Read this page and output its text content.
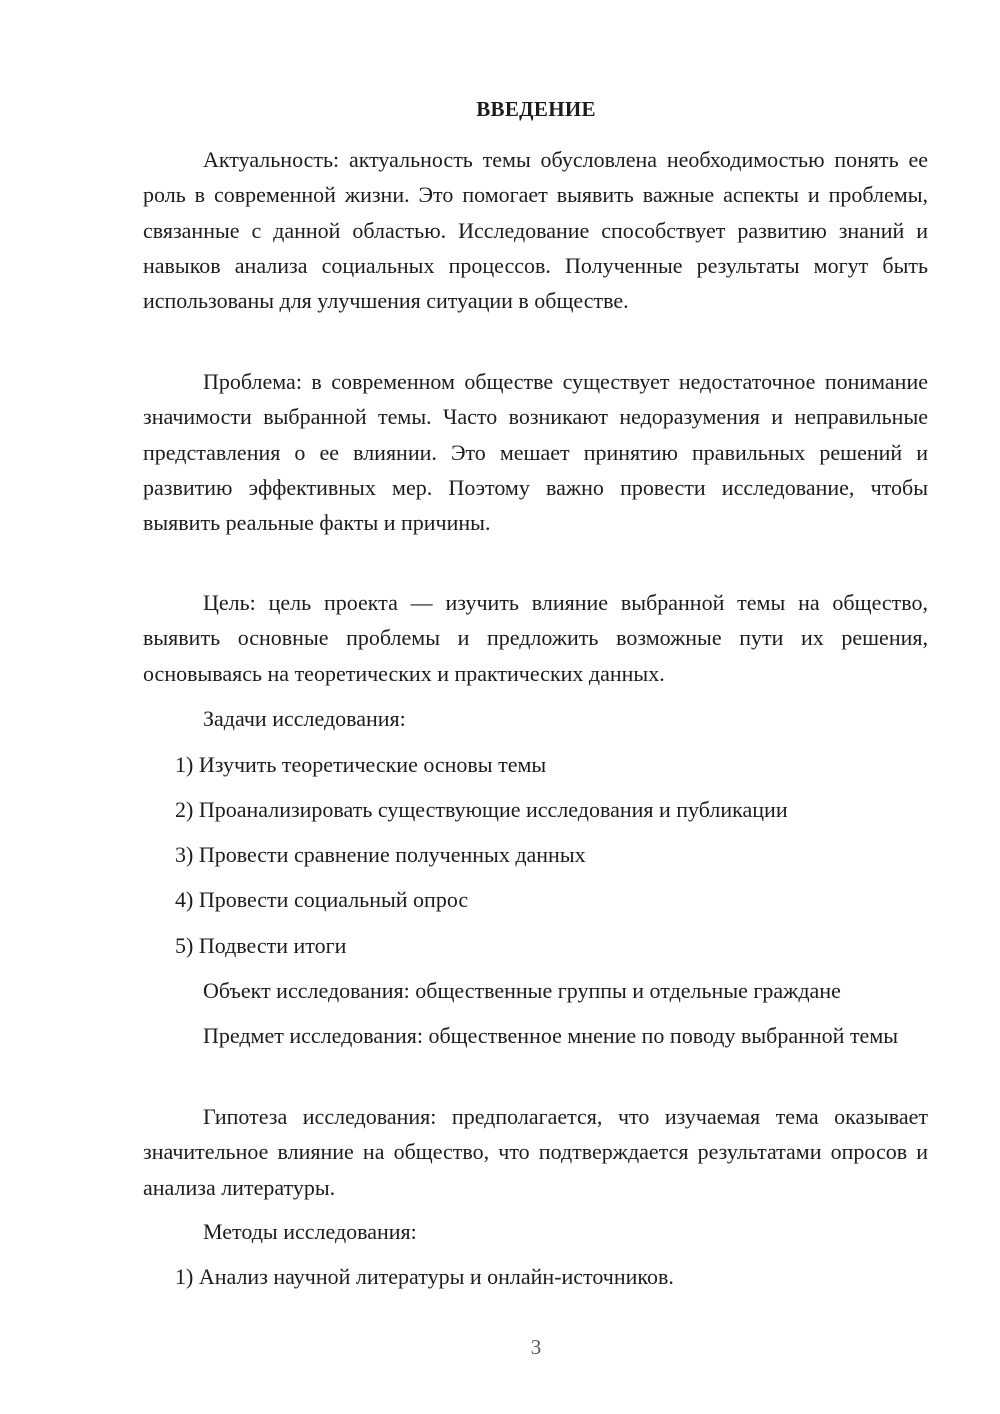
ВВЕДЕНИЕ

Актуальность: актуальность темы обусловлена необходимостью понять ее роль в современной жизни. Это помогает выявить важные аспекты и проблемы, связанные с данной областью. Исследование способствует развитию знаний и навыков анализа социальных процессов. Полученные результаты могут быть использованы для улучшения ситуации в обществе.

Проблема: в современном обществе существует недостаточное понимание значимости выбранной темы. Часто возникают недоразумения и неправильные представления о ее влиянии. Это мешает принятию правильных решений и развитию эффективных мер. Поэтому важно провести исследование, чтобы выявить реальные факты и причины.

Цель: цель проекта — изучить влияние выбранной темы на общество, выявить основные проблемы и предложить возможные пути их решения, основываясь на теоретических и практических данных.

Задачи исследования:

1) Изучить теоретические основы темы

2) Проанализировать существующие исследования и публикации

3) Провести сравнение полученных данных

4) Провести социальный опрос

5) Подвести итоги

Объект исследования: общественные группы и отдельные граждане

Предмет исследования: общественное мнение по поводу выбранной темы

Гипотеза исследования: предполагается, что изучаемая тема оказывает значительное влияние на общество, что подтверждается результатами опросов и анализа литературы.

Методы исследования:

1) Анализ научной литературы и онлайн-источников.

3
